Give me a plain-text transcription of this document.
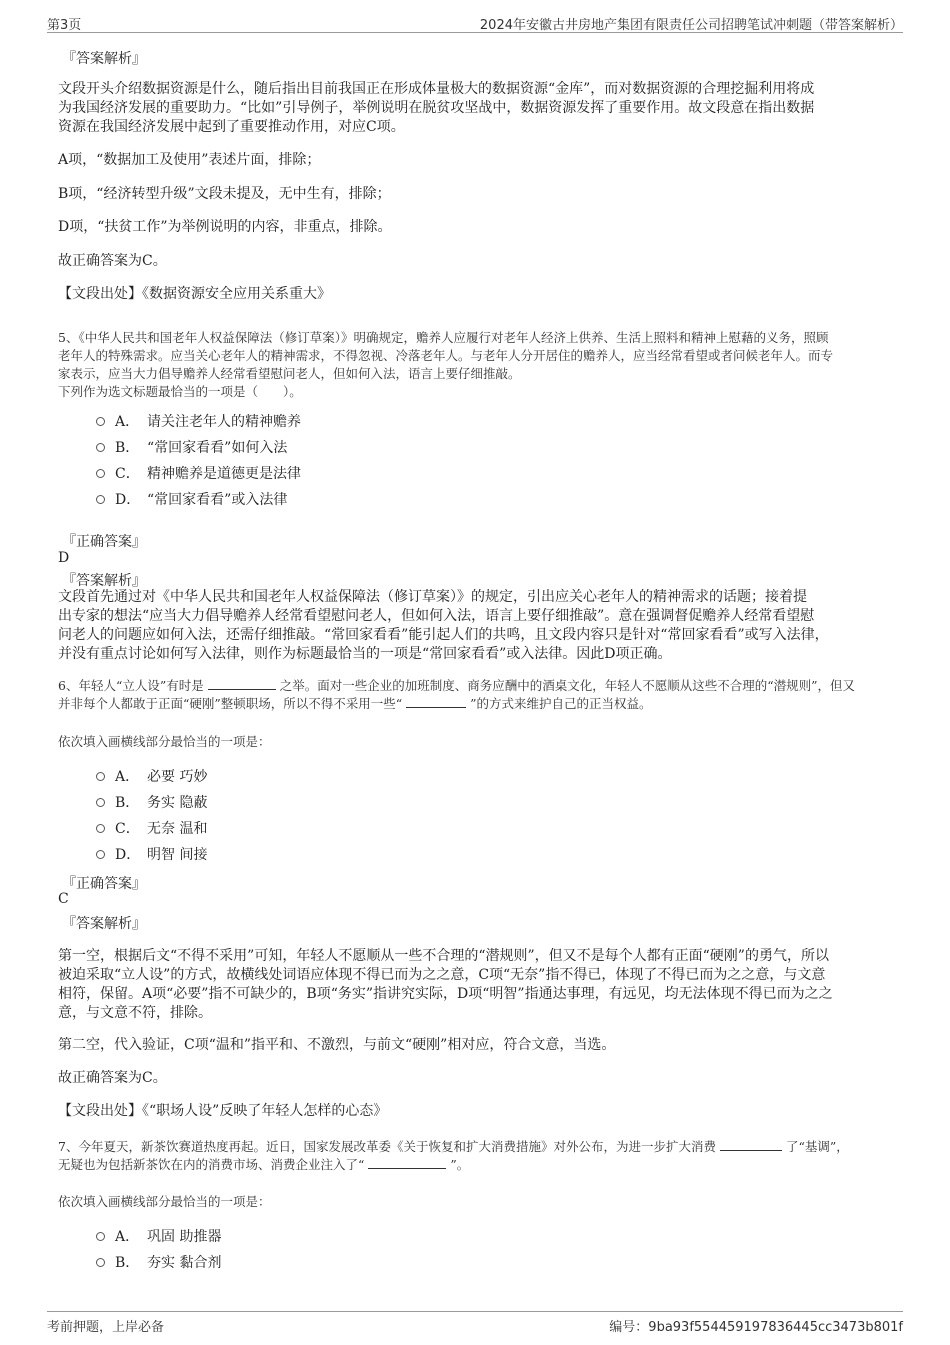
第3页	2024年安徽古井房地产集团有限责任公司招聘笔试冲刺题（带答案解析）
『答案解析』
文段开头介绍数据资源是什么，随后指出目前我国正在形成体量极大的数据资源“金库”，而对数据资源的合理挖掘利用将成
为我国经济发展的重要助力。“比如”引导例子，举例说明在脱贫攻坚战中，数据资源发挥了重要作用。故文段意在指出数据
资源在我国经济发展中起到了重要推动作用，对应C项。
A项，“数据加工及使用”表述片面，排除；
B项，“经济转型升级”文段未提及，无中生有，排除；
D项，“扶贫工作”为举例说明的内容，非重点，排除。
故正确答案为C。
【文段出处】《数据资源安全应用关系重大》
5、《中华人民共和国老年人权益保障法（修订草案）》明确规定，赡养人应履行对老年人经济上供养、生活上照料和精神上慰藉的义务，照顾
老年人的特殊需求。应当关心老年人的精神需求，不得忽视、冷落老年人。与老年人分开居住的赡养人，应当经常看望或者问候老年人。而专
家表示，应当大力倡导赡养人经常看望慰问老人，但如何入法，语言上要仔细推敲。
下列作为选文标题最恰当的一项是（　　）。
A． 请关注老年人的精神赡养
B． “常回家看看”如何入法
C． 精神赡养是道德更是法律
D． “常回家看看”或入法律
『正确答案』
D
『答案解析』
文段首先通过对《中华人民共和国老年人权益保障法（修订草案）》的规定，引出应关心老年人的精神需求的话题；接着提
出专家的想法“应当大力倡导赡养人经常看望慰问老人，但如何入法，语言上要仔细推敲”。意在强调督促赡养人经常看望慰
问老人的问题应如何入法，还需仔细推敲。“常回家看看”能引起人们的共鸣，且文段内容只是针对“常回家看看”或写入法律，
并没有重点讨论如何写入法律，则作为标题最恰当的一项是“常回家看看”或入法律。因此D项正确。
6、年轻人“立人设”有时是	之举。面对一些企业的加班制度、商务应酬中的酒桌文化，年轻人不愿顺从这些不合理的“潜规则”，但又
并非每个人都敢于正面“硬刚”整顿职场，所以不得不采用一些“	”的方式来维护自己的正当权益。
依次填入画横线部分最恰当的一项是：
A． 必要 巧妙
B． 务实 隐蔽
C． 无奈 温和
D． 明智 间接
『正确答案』
C
『答案解析』
第一空，根据后文“不得不采用”可知，年轻人不愿顺从一些不合理的“潜规则”，但又不是每个人都有正面“硬刚”的勇气，所以
被迫采取“立人设”的方式，故横线处词语应体现不得已而为之之意，C项“无奈”指不得已，体现了不得已而为之之意，与文意
相符，保留。A项“必要”指不可缺少的，B项“务实”指讲究实际，D项“明智”指通达事理，有远见，均无法体现不得已而为之之
意，与文意不符，排除。
第二空，代入验证，C项“温和”指平和、不激烈，与前文“硬刚”相对应，符合文意，当选。
故正确答案为C。
【文段出处】《“职场人设”反映了年轻人怎样的心态》
7、今年夏天，新茶饮赛道热度再起。近日，国家发展改革委《关于恢复和扩大消费措施》对外公布，为进一步扩大消费	了“基调”，
无疑也为包括新茶饮在内的消费市场、消费企业注入了“	”。
依次填入画横线部分最恰当的一项是：
A． 巩固 助推器
B． 夯实 黏合剂
考前押题，上岸必备	编号：9ba93f554459197836445cc3473b801f
